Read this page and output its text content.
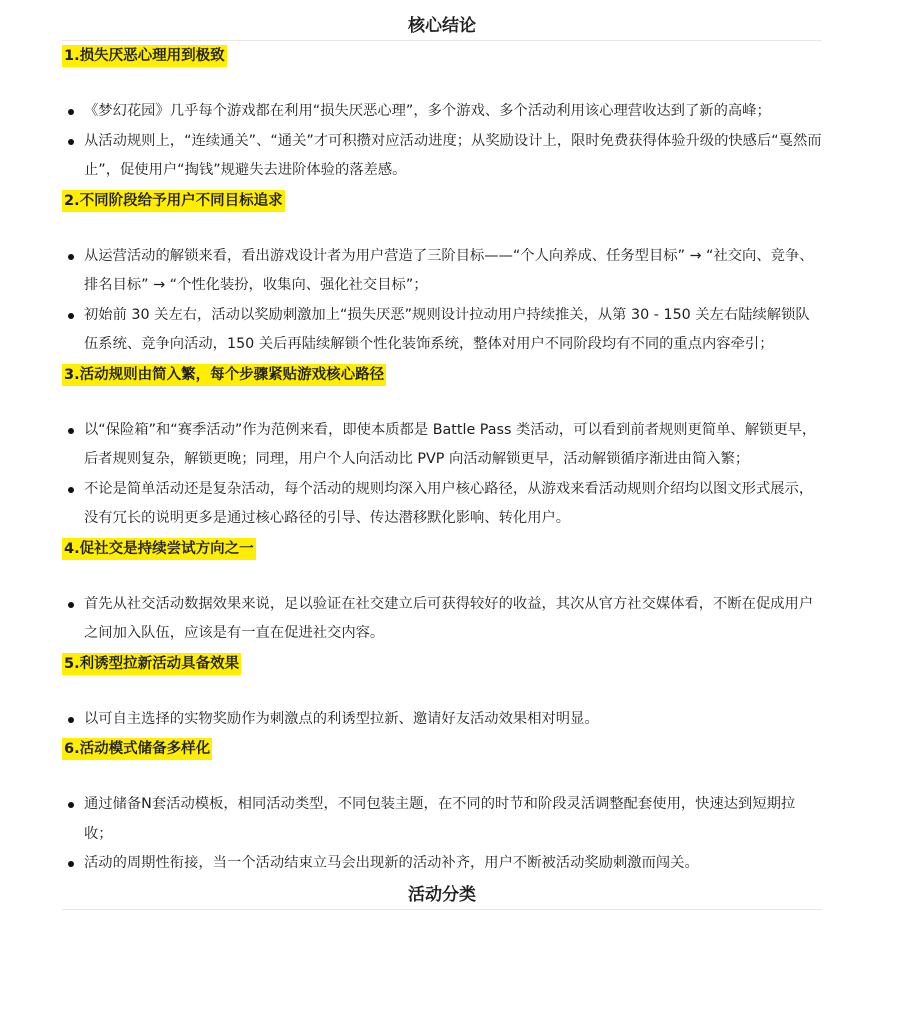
核心结论
1.损失厌恶心理用到极致
《梦幻花园》几乎每个游戏都在利用“损失厌恶心理”，多个游戏、多个活动利用该心理营收达到了新的高峰；
从活动规则上，“连续通关”、“通关”才可积攒对应活动进度；从奖励设计上，限时免费获得体验升级的快感后“戛然而止”，促使用户“掏钱”规避失去进阶体验的落差感。
2.不同阶段给予用户不同目标追求
从运营活动的解锁来看，看出游戏设计者为用户营造了三阶目标——“个人向养成、任务型目标” → “社交向、竞争、排名目标” → “个性化装扮，收集向、强化社交目标”；
初始前 30 关左右，活动以奖励刺激加上“损失厌恶”规则设计拉动用户持续推关，从第 30 - 150 关左右陆续解锁队伍系统、竞争向活动，150 关后再陆续解锁个性化装饰系统，整体对用户不同阶段均有不同的重点内容牵引；
3.活动规则由简入繁，每个步骤紧贴游戏核心路径
以“保险箱”和“赛季活动”作为范例来看，即使本质都是 Battle Pass 类活动，可以看到前者规则更简单、解锁更早，后者规则复杂，解锁更晚；同理，用户个人向活动比 PVP 向活动解锁更早，活动解锁循序渐进由简入繁；
不论是简单活动还是复杂活动，每个活动的规则均深入用户核心路径，从游戏来看活动规则介绍均以图文形式展示，没有冗长的说明更多是通过核心路径的引导、传达潜移默化影响、转化用户。
4.促社交是持续尝试方向之一
首先从社交活动数据效果来说，足以验证在社交建立后可获得较好的收益，其次从官方社交媒体看，不断在促成用户之间加入队伍，应该是有一直在促进社交内容。
5.利诱型拉新活动具备效果
以可自主选择的实物奖励作为刺激点的利诱型拉新、邀请好友活动效果相对明显。
6.活动模式储备多样化
通过储备N套活动模板，相同活动类型，不同包装主题，在不同的时节和阶段灵活调整配套使用，快速达到短期拉收；
活动的周期性衔接，当一个活动结束立马会出现新的活动补齐，用户不断被活动奖励刺激而闯关。
活动分类
